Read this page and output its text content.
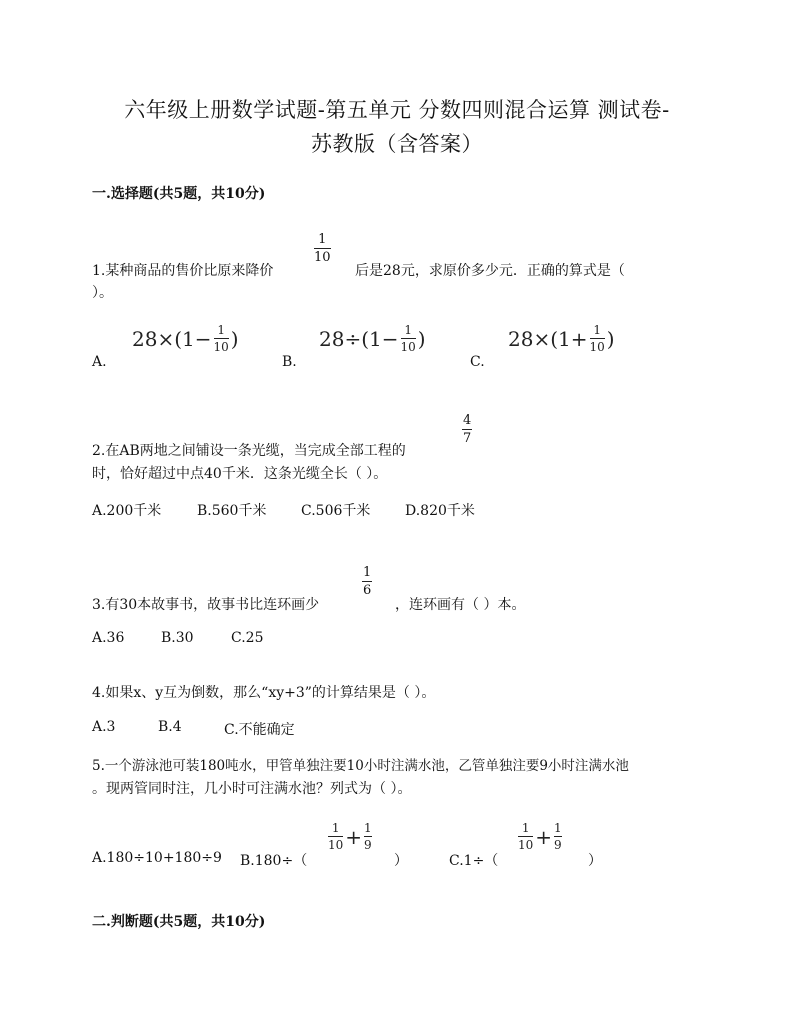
六年级上册数学试题-第五单元 分数四则混合运算 测试卷-
苏教版（含答案）
一.选择题(共5题，共10分)
1
10
1.某种商品的售价比原来降价	后是28元，求原价多少元．正确的算式是（
）。
A.
$28 \times (1 - \frac{1}{10}$ )
B.
$28 \div (1 - \frac{1}{10}$ )
C.
$28 \times (1 + \frac{1}{10}$ )
4
7
2.在AB两地之间铺设一条光缆，当完成全部工程的
时，恰好超过中点40千米．这条光缆全长（ ）。
A.200千米	B.560千米 C.506千米 D.820千米
1
6
3.有30本故事书，故事书比连环画少	，连环画有（ ）本。
A.36	B.30	C.25
4.如果x、y互为倒数，那么“xy+3”的计算结果是（ ）。
A.3	B.4	C.不能确定
5.一个游泳池可装180吨水，甲管单独注要10小时注满水池，乙管单独注要9小时注满水池
。现两管同时注，几小时可注满水池？列式为（ ）。
A.180÷10+180÷9 B.180÷（
$\frac{1}{10} + \frac{1}{9}$
）	C.1÷（
$\frac{1}{10} + \frac{1}{9}$
）
二.判断题(共5题，共10分)
